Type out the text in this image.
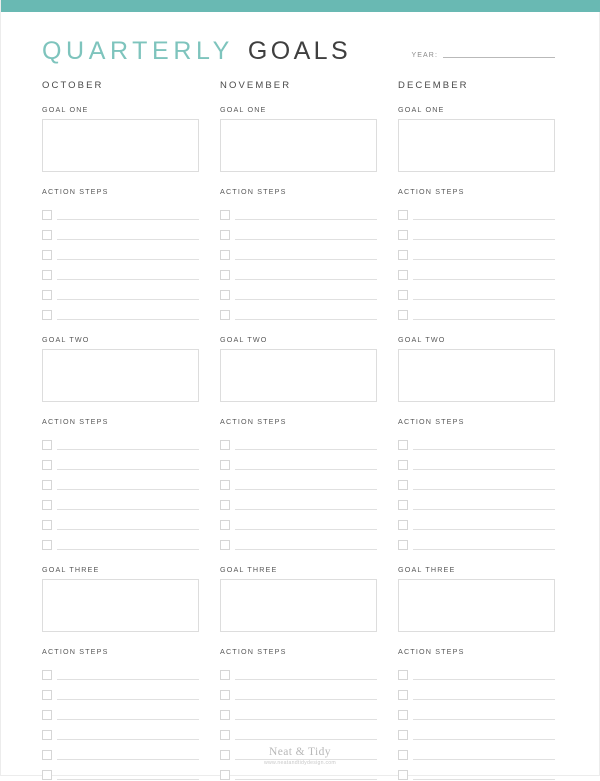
QUARTERLY GOALS	YEAR:
OCTOBER
GOAL ONE
ACTION STEPS
GOAL TWO
ACTION STEPS
GOAL THREE
ACTION STEPS
NOVEMBER
GOAL ONE
ACTION STEPS
GOAL TWO
ACTION STEPS
GOAL THREE
ACTION STEPS
DECEMBER
GOAL ONE
ACTION STEPS
GOAL TWO
ACTION STEPS
GOAL THREE
ACTION STEPS
Neat & Tidy
www.neatandtidydesign.com
